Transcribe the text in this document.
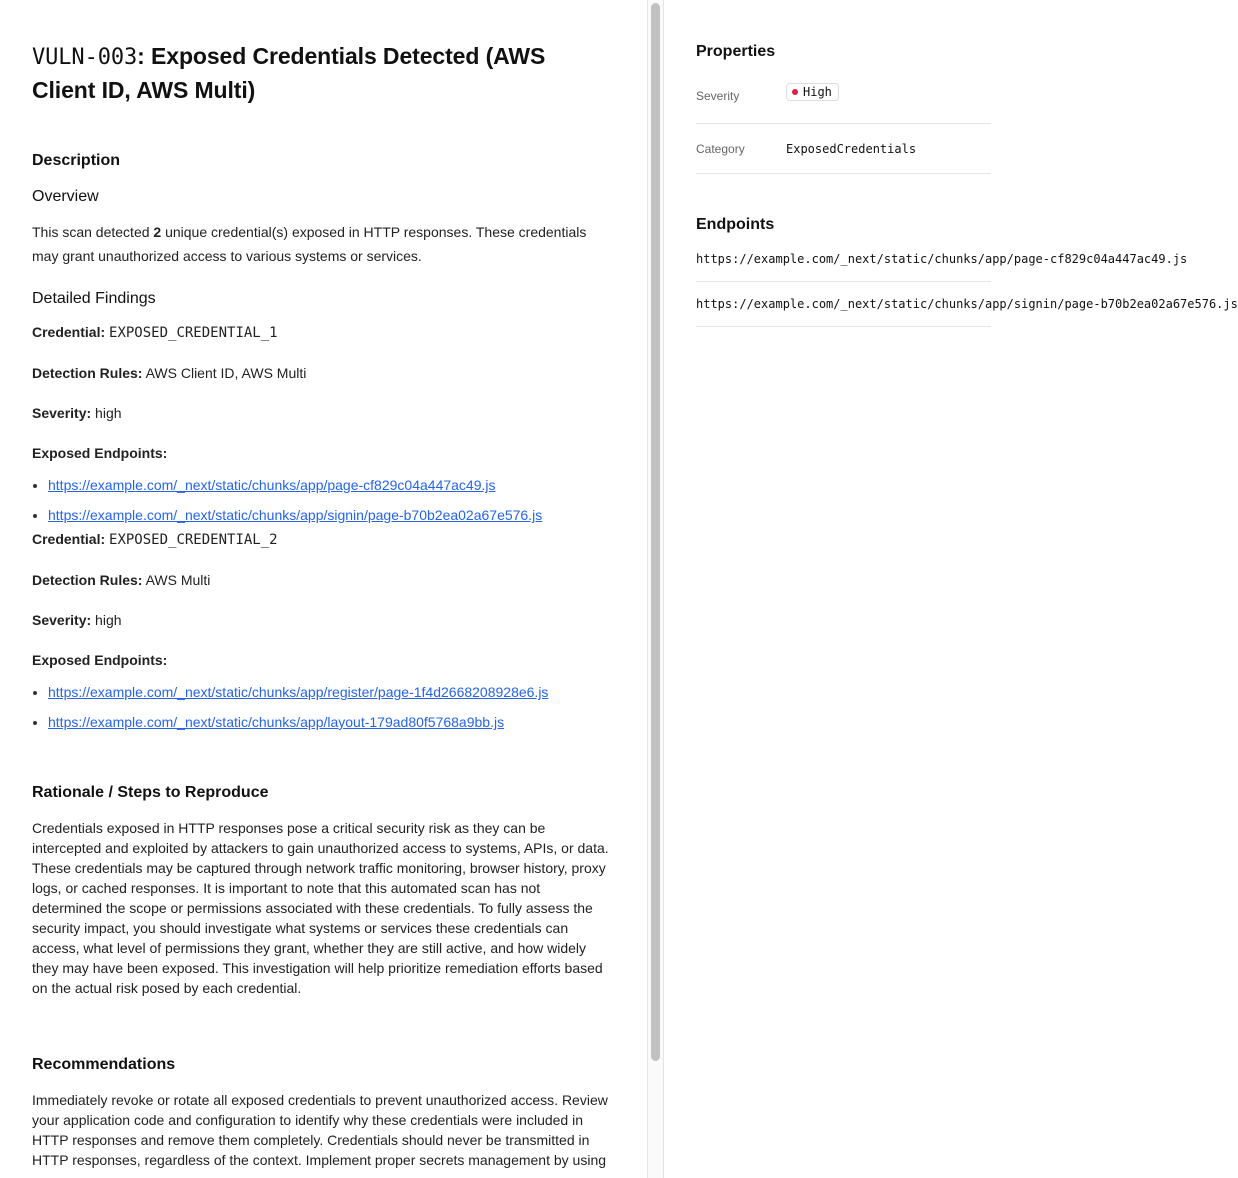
VULN-003: Exposed Credentials Detected (AWS Client ID, AWS Multi)
Description
Overview

This scan detected 2 unique credential(s) exposed in HTTP responses. These credentials may grant unauthorized access to various systems or services.

Detailed Findings
Credential: EXPOSED_CREDENTIAL_1
Detection Rules: AWS Client ID, AWS Multi
Severity: high
Exposed Endpoints:
• https://example.com/_next/static/chunks/app/page-cf829c04a447ac49.js
• https://example.com/_next/static/chunks/app/signin/page-b70b2ea02a67e576.js
Credential: EXPOSED_CREDENTIAL_2
Detection Rules: AWS Multi
Severity: high
Exposed Endpoints:
• https://example.com/_next/static/chunks/app/register/page-1f4d2668208928e6.js
• https://example.com/_next/static/chunks/app/layout-179ad80f5768a9bb.js
Rationale / Steps to Reproduce

Credentials exposed in HTTP responses pose a critical security risk as they can be intercepted and exploited by attackers to gain unauthorized access to systems, APIs, or data. These credentials may be captured through network traffic monitoring, browser history, proxy logs, or cached responses. It is important to note that this automated scan has not determined the scope or permissions associated with these credentials. To fully assess the security impact, you should investigate what systems or services these credentials can access, what level of permissions they grant, whether they are still active, and how widely they may have been exposed. This investigation will help prioritize remediation efforts based on the actual risk posed by each credential.

Recommendations

Immediately revoke or rotate all exposed credentials to prevent unauthorized access. Review your application code and configuration to identify why these credentials were included in HTTP responses and remove them completely. Credentials should never be transmitted in HTTP responses, regardless of the context. Implement proper secrets management by using

Properties
Severity	High
Category	ExposedCredentials
Endpoints
https://example.com/_next/static/chunks/app/page-cf829c04a447ac49.js
https://example.com/_next/static/chunks/app/signin/page-b70b2ea02a67e576.js
